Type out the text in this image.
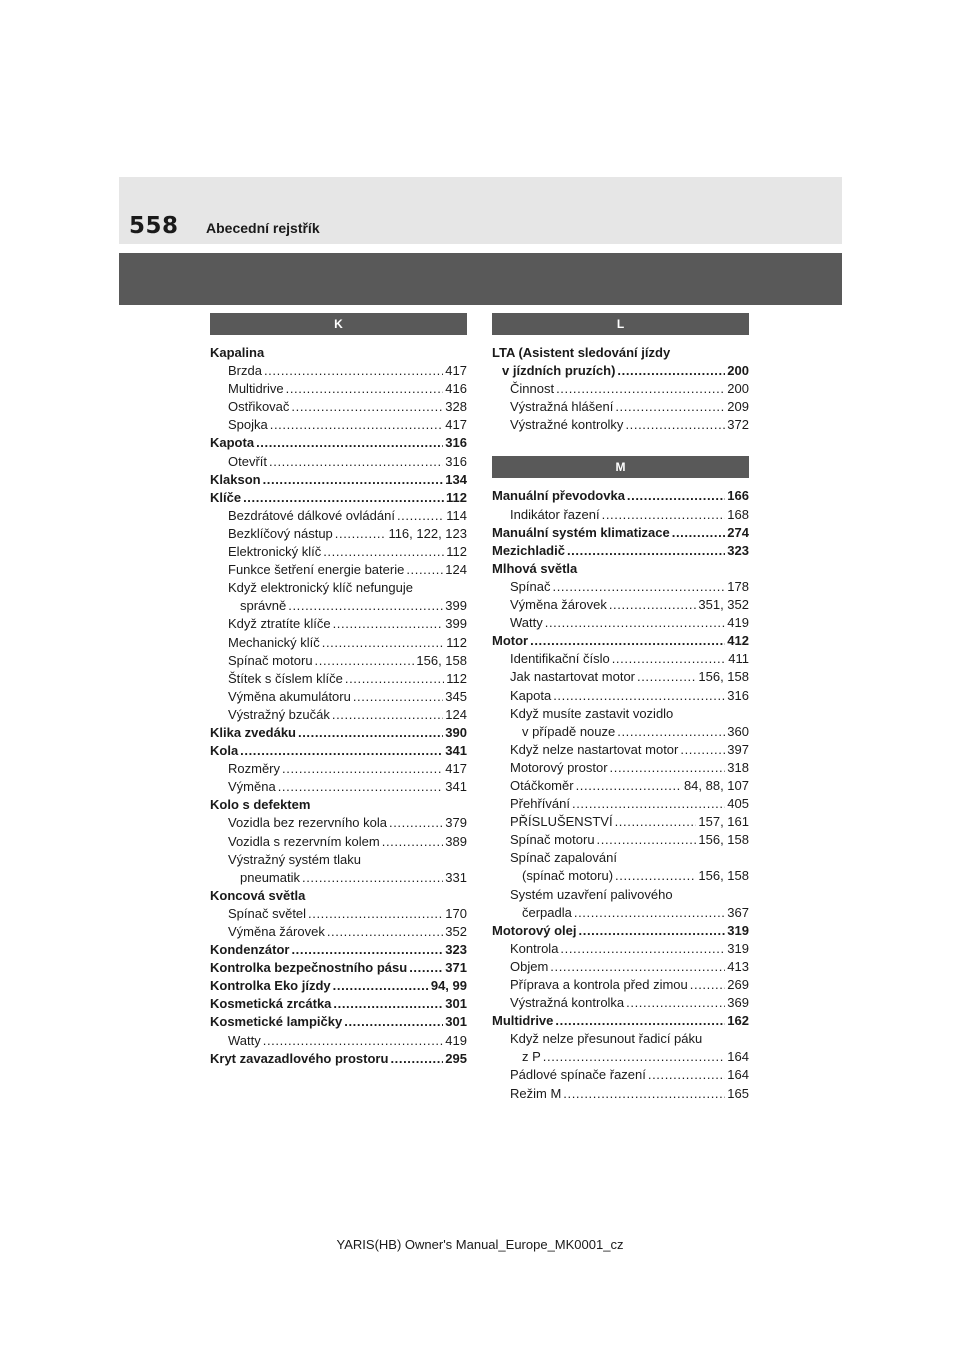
558 Abecední rejstřík
K
Kapalina
Brzda .....	417
Multidrive .....	416
Ostřikovač .....	328
Spojka .....	417
Kapota .....	316
Otevřít .....	316
Klakson .....	134
Klíče .....	112
Bezdrátové dálkové ovládání .....	114
Bezklíčový nástup .....	116, 122, 123
Elektronický klíč .....	112
Funkce šetření energie baterie .....	124
Když elektronický klíč nefunguje
správně .....	399
Když ztratíte klíče .....	399
Mechanický klíč .....	112
Spínač motoru .....	156, 158
Štítek s číslem klíče .....	112
Výměna akumulátoru .....	345
Výstražný bzučák .....	124
Klika zvedáku .....	390
Kola .....	341
Rozměry .....	417
Výměna .....	341
Kolo s defektem
Vozidla bez rezervního kola .....	379
Vozidla s rezervním kolem .....	389
Výstražný systém tlaku
pneumatik .....	331
Koncová světla
Spínač světel .....	170
Výměna žárovek .....	352
Kondenzátor .....	323
Kontrolka bezpečnostního pásu .....	371
Kontrolka Eko jízdy .....	94, 99
Kosmetická zrcátka .....	301
Kosmetické lampičky .....	301
Watty .....	419
Kryt zavazadlového prostoru .....	295
L
LTA (Asistent sledování jízdy
v jízdních pruzích) .....	200
Činnost .....	200
Výstražná hlášení .....	209
Výstražné kontrolky .....	372
M
Manuální převodovka .....	166
Indikátor řazení .....	168
Manuální systém klimatizace .....	274
Mezichladič .....	323
Mlhová světla
Spínač .....	178
Výměna žárovek .....	351, 352
Watty .....	419
Motor .....	412
Identifikační číslo .....	411
Jak nastartovat motor .....	156, 158
Kapota .....	316
Když musíte zastavit vozidlo
v případě nouze .....	360
Když nelze nastartovat motor .....	397
Motorový prostor .....	318
Otáčkoměr .....	84, 88, 107
Přehřívání .....	405
PŘÍSLUŠENSTVÍ .....	157, 161
Spínač motoru .....	156, 158
Spínač zapalování
(spínač motoru) .....	156, 158
Systém uzavření palivového
čerpadla .....	367
Motorový olej .....	319
Kontrola .....	319
Objem .....	413
Příprava a kontrola před zimou .....	269
Výstražná kontrolka .....	369
Multidrive .....	162
Když nelze přesunout řadicí páku
z P .....	164
Pádlové spínače řazení .....	164
Režim M .....	165
YARIS(HB) Owner's Manual_Europe_MK0001_cz
